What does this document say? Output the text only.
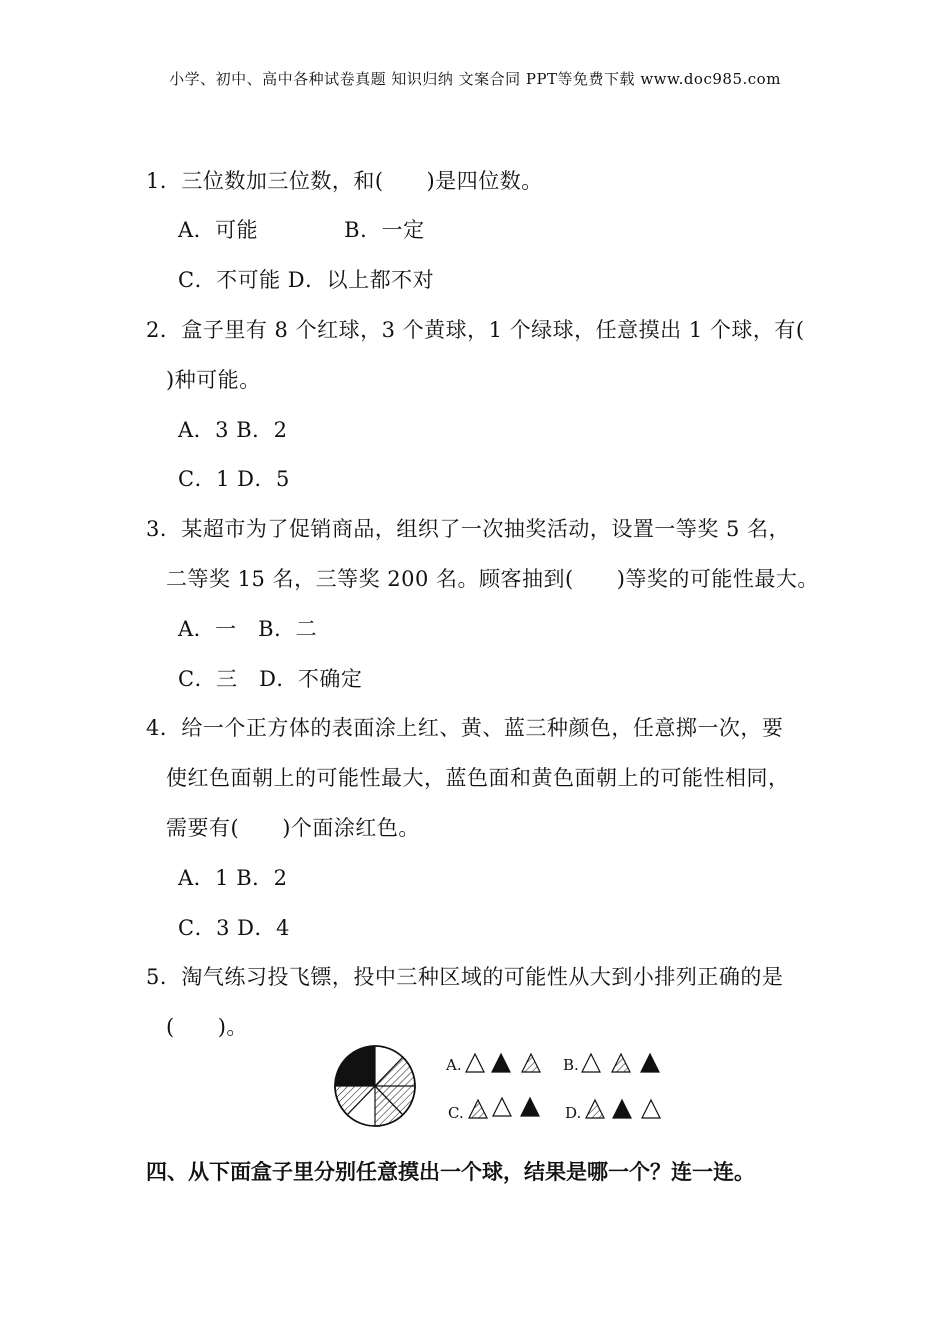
小学、初中、高中各种试卷真题 知识归纳 文案合同 PPT等免费下载 www.doc985.com
1．三位数加三位数，和(　　)是四位数。
A．可能　　　　B．一定
C．不可能 D．以上都不对
2．盒子里有 8 个红球，3 个黄球，1 个绿球，任意摸出 1 个球，有(
)种可能。
A．3 B．2
C．1 D．5
3．某超市为了促销商品，组织了一次抽奖活动，设置一等奖 5 名，
二等奖 15 名，三等奖 200 名。顾客抽到(　　)等奖的可能性最大。
A．一　B．二
C．三　D．不确定
4．给一个正方体的表面涂上红、黄、蓝三种颜色，任意掷一次，要
使红色面朝上的可能性最大，蓝色面和黄色面朝上的可能性相同，
需要有(　　)个面涂红色。
A．1 B．2
C．3 D．4
5．淘气练习投飞镖，投中三种区域的可能性从大到小排列正确的是
(　　)。
A.	B.
C.	D.
四、从下面盒子里分别任意摸出一个球，结果是哪一个？连一连。
